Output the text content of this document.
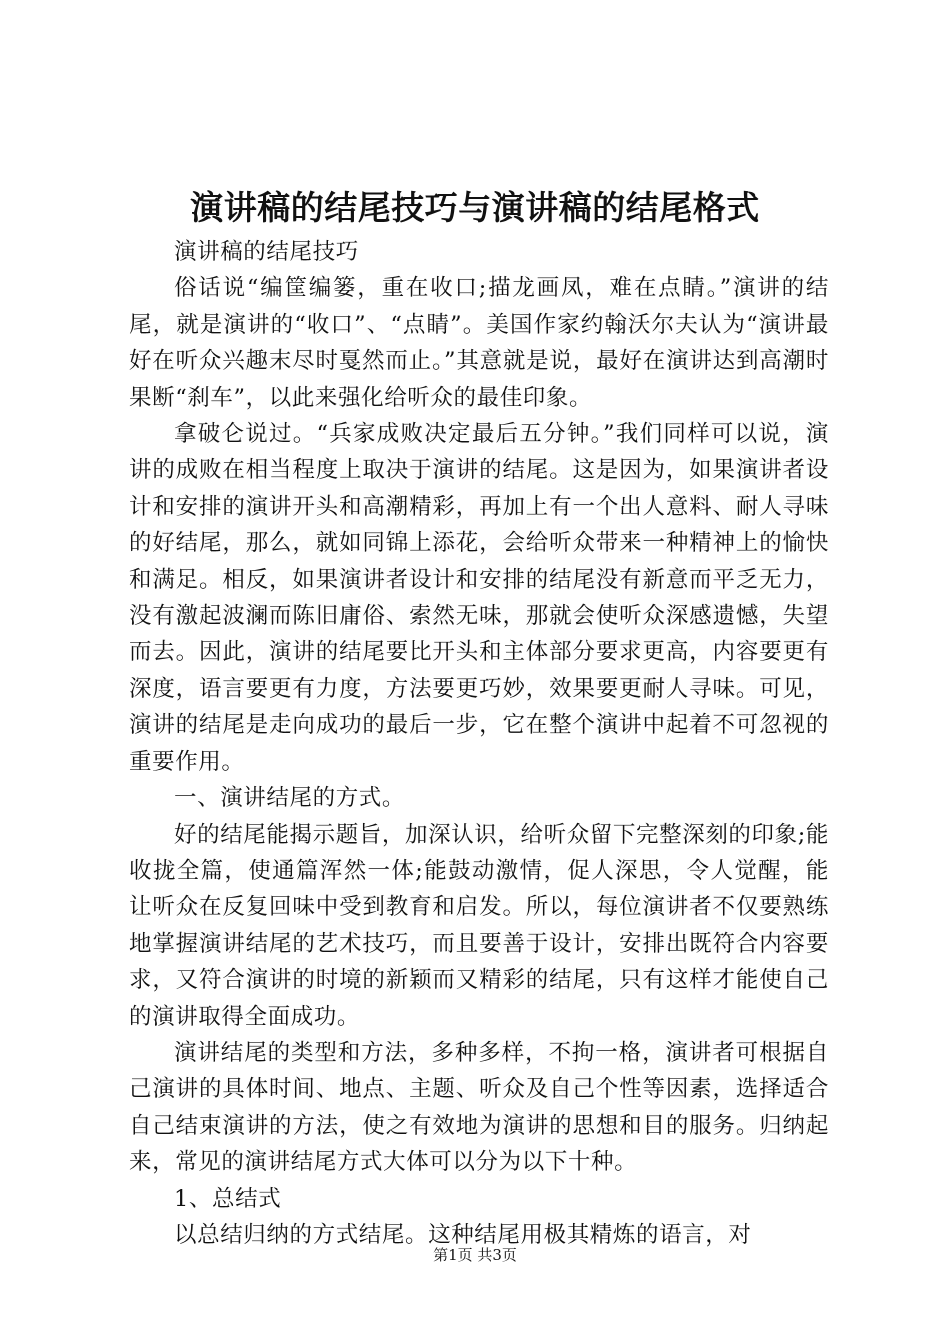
演讲稿的结尾技巧与演讲稿的结尾格式

演讲稿的结尾技巧

俗话说“编筐编篓，重在收口;描龙画凤，难在点睛。”演讲的结尾，就是演讲的“收口”、“点睛”。美国作家约翰沃尔夫认为“演讲最好在听众兴趣末尽时戛然而止。”其意就是说，最好在演讲达到高潮时果断“刹车”，以此来强化给听众的最佳印象。

拿破仑说过。“兵家成败决定最后五分钟。”我们同样可以说，演讲的成败在相当程度上取决于演讲的结尾。这是因为，如果演讲者设计和安排的演讲开头和高潮精彩，再加上有一个出人意料、耐人寻味的好结尾，那么，就如同锦上添花，会给听众带来一种精神上的愉快和满足。相反，如果演讲者设计和安排的结尾没有新意而平乏无力，没有激起波澜而陈旧庸俗、索然无味，那就会使听众深感遗憾，失望而去。因此，演讲的结尾要比开头和主体部分要求更高，内容要更有深度，语言要更有力度，方法要更巧妙，效果要更耐人寻味。可见，演讲的结尾是走向成功的最后一步，它在整个演讲中起着不可忽视的重要作用。

一、演讲结尾的方式。

好的结尾能揭示题旨，加深认识，给听众留下完整深刻的印象;能收拢全篇，使通篇浑然一体;能鼓动激情，促人深思，令人觉醒，能让听众在反复回味中受到教育和启发。所以，每位演讲者不仅要熟练地掌握演讲结尾的艺术技巧，而且要善于设计，安排出既符合内容要求，又符合演讲的时境的新颖而又精彩的结尾，只有这样才能使自己的演讲取得全面成功。

演讲结尾的类型和方法，多种多样，不拘一格，演讲者可根据自己演讲的具体时间、地点、主题、听众及自己个性等因素，选择适合自己结束演讲的方法，使之有效地为演讲的思想和目的服务。归纳起来，常见的演讲结尾方式大体可以分为以下十种。

1、总结式

以总结归纳的方式结尾。这种结尾用极其精炼的语言，对

第1页 共3页
